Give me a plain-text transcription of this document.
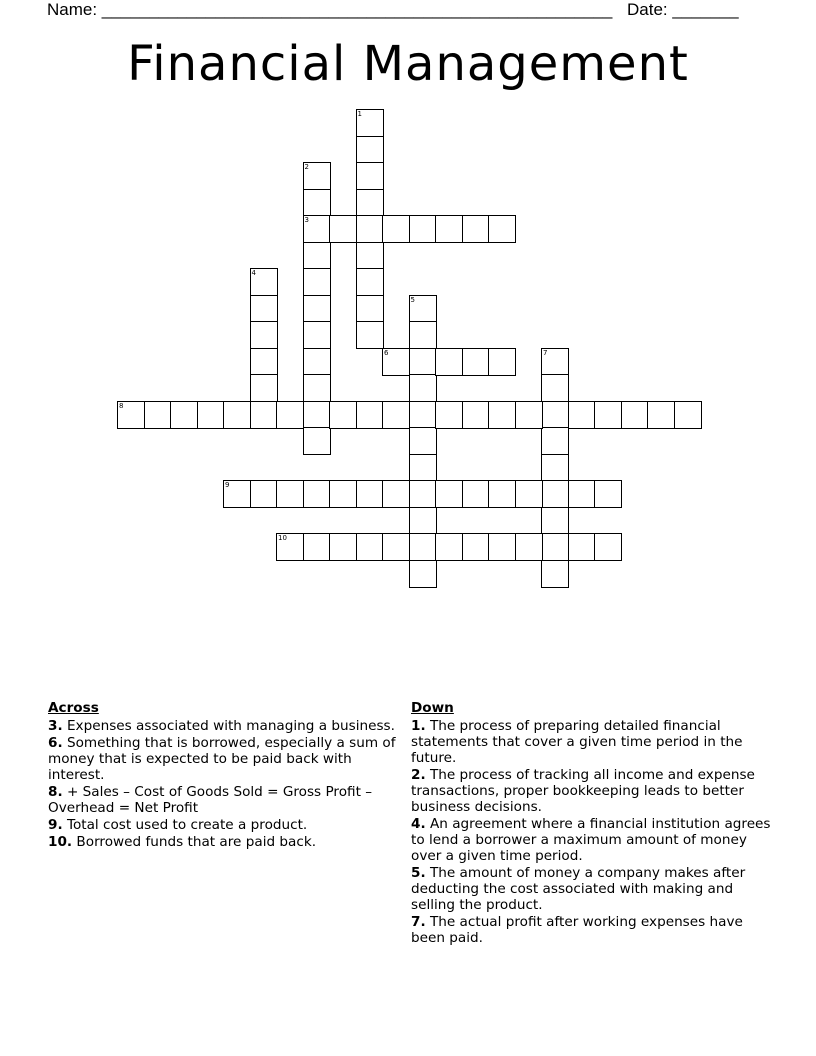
Name: ______________________________________________________ Date: _______
Financial Management
1
2
3
4
5
6	7
8
9
10
Across
3. Expenses associated with managing a business.
6. Something that is borrowed, especially a sum of money that is expected to be paid back with interest.
8. + Sales – Cost of Goods Sold = Gross Profit – Overhead = Net Profit
9. Total cost used to create a product.
10. Borrowed funds that are paid back.
Down
1. The process of preparing detailed financial statements that cover a given time period in the future.
2. The process of tracking all income and expense transactions, proper bookkeeping leads to better business decisions.
4. An agreement where a financial institution agrees to lend a borrower a maximum amount of money over a given time period.
5. The amount of money a company makes after deducting the cost associated with making and selling the product.
7. The actual profit after working expenses have been paid.
